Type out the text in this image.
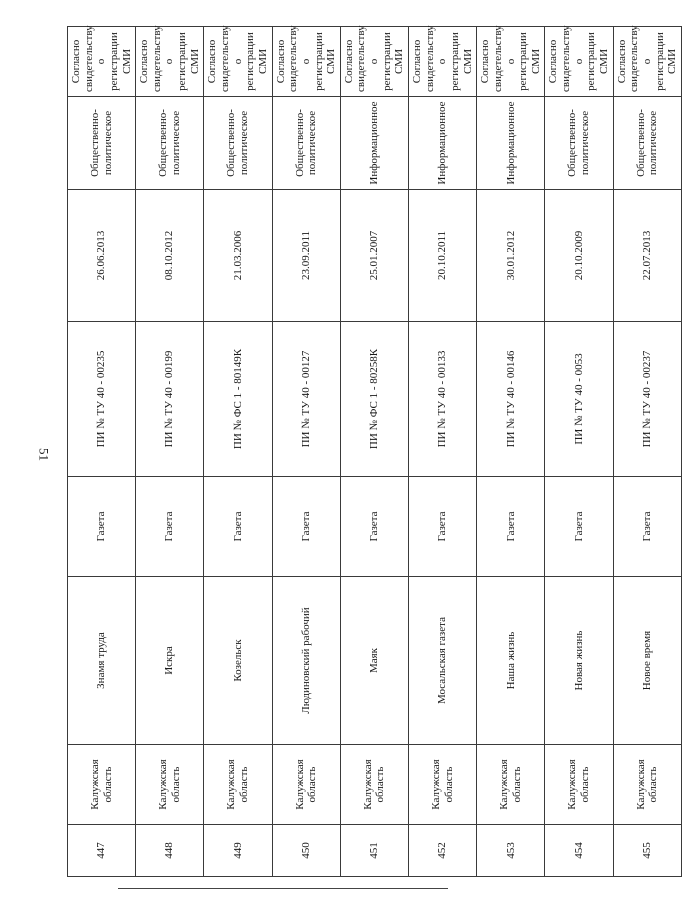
51
447	Калужская область	Знамя труда	Газета	ПИ № ТУ 40 - 00235	26.06.2013	Общественно-политическое	Согласно свидетельству о регистрации СМИ
448	Калужская область	Искра	Газета	ПИ № ТУ 40 - 00199	08.10.2012	Общественно-политическое	Согласно свидетельству о регистрации СМИ
449	Калужская область	Козельск	Газета	ПИ № ФС 1 - 80149К	21.03.2006	Общественно-политическое	Согласно свидетельству о регистрации СМИ
450	Калужская область	Людиновский рабочий	Газета	ПИ № ТУ 40 - 00127	23.09.2011	Общественно-политическое	Согласно свидетельству о регистрации СМИ
451	Калужская область	Маяк	Газета	ПИ № ФС 1 - 80258К	25.01.2007	Информационное	Согласно свидетельству о регистрации СМИ
452	Калужская область	Мосальская газета	Газета	ПИ № ТУ 40 - 00133	20.10.2011	Информационное	Согласно свидетельству о регистрации СМИ
453	Калужская область	Наша жизнь	Газета	ПИ № ТУ 40 - 00146	30.01.2012	Информационное	Согласно свидетельству о регистрации СМИ
454	Калужская область	Новая жизнь	Газета	ПИ № ТУ 40 - 0053	20.10.2009	Общественно-политическое	Согласно свидетельству о регистрации СМИ
455	Калужская область	Новое время	Газета	ПИ № ТУ 40 - 00237	22.07.2013	Общественно-политическое	Согласно свидетельству о регистрации СМИ
